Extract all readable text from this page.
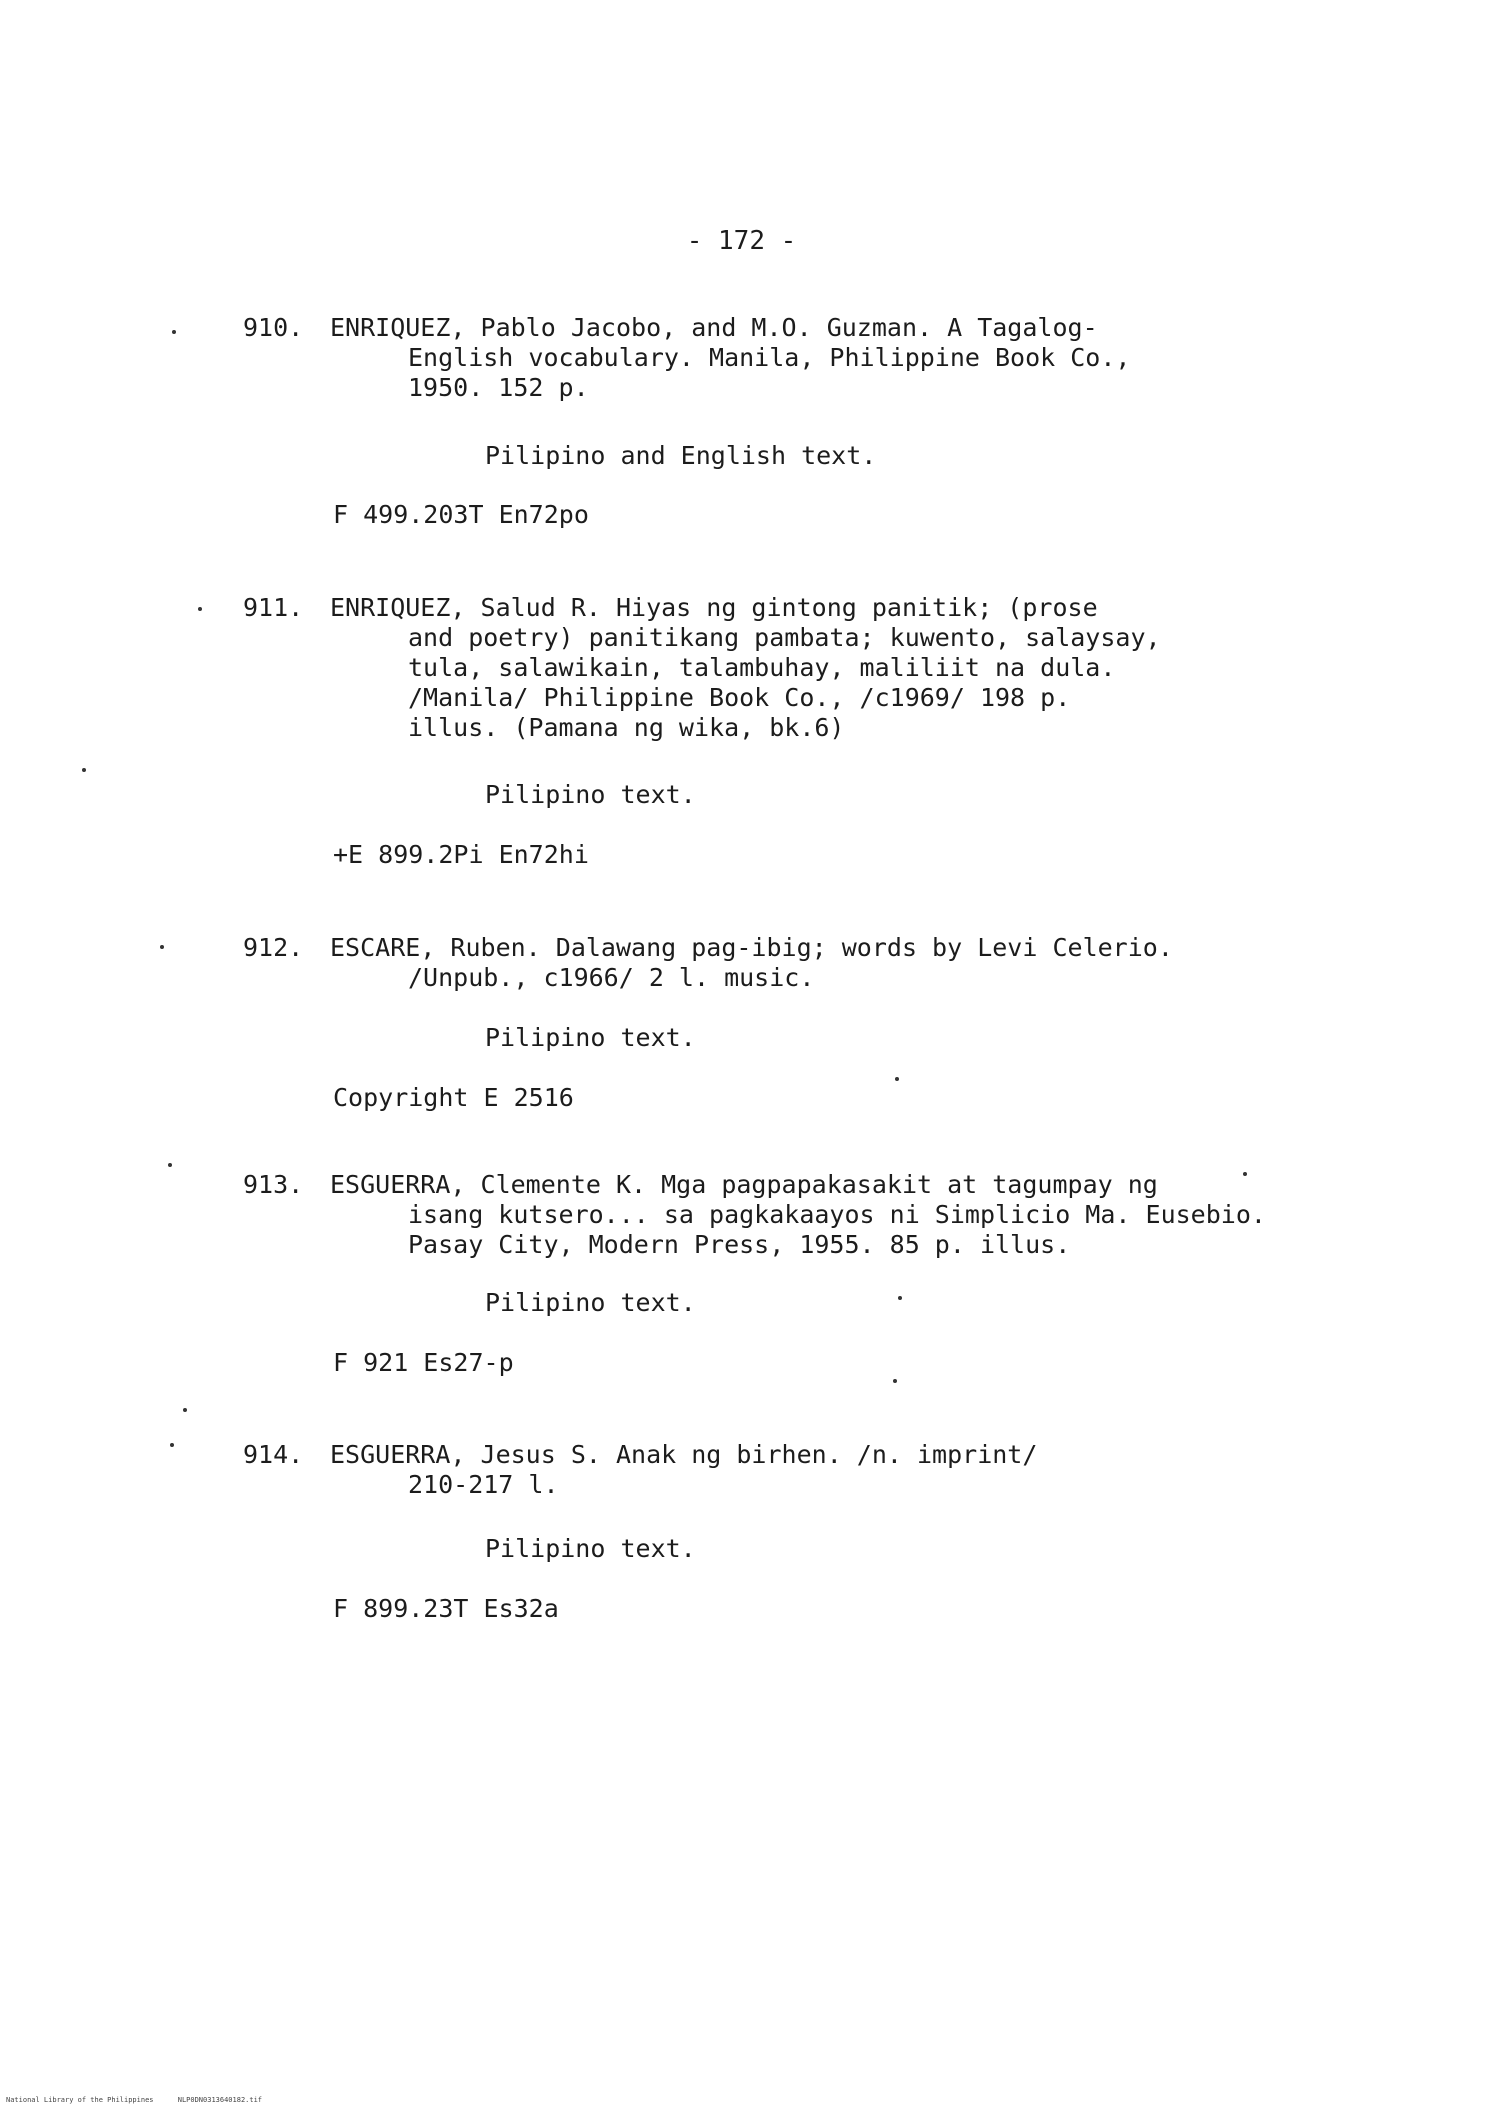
- 172 -
910. ENRIQUEZ, Pablo Jacobo, and M.O. Guzman. A Tagalog-
English vocabulary. Manila, Philippine Book Co.,
1950. 152 p.
Pilipino and English text.
F 499.203T En72po
911. ENRIQUEZ, Salud R. Hiyas ng gintong panitik; (prose
and poetry) panitikang pambata; kuwento, salaysay,
tula, salawikain, talambuhay, maliliit na dula.
/Manila/ Philippine Book Co., /c1969/ 198 p.
illus. (Pamana ng wika, bk.6)
Pilipino text.
+E 899.2Pi En72hi
912. ESCARE, Ruben. Dalawang pag-ibig; words by Levi Celerio.
/Unpub., c1966/ 2 l. music.
Pilipino text.
Copyright E 2516
913. ESGUERRA, Clemente K. Mga pagpapakasakit at tagumpay ng
isang kutsero... sa pagkakaayos ni Simplicio Ma. Eusebio.
Pasay City, Modern Press, 1955. 85 p. illus.
Pilipino text.
F 921 Es27-p
914. ESGUERRA, Jesus S. Anak ng birhen. /n. imprint/
210-217 l.
Pilipino text.
F 899.23T Es32a
National Library of the Philippines	NLP0DN0313640182.tif
